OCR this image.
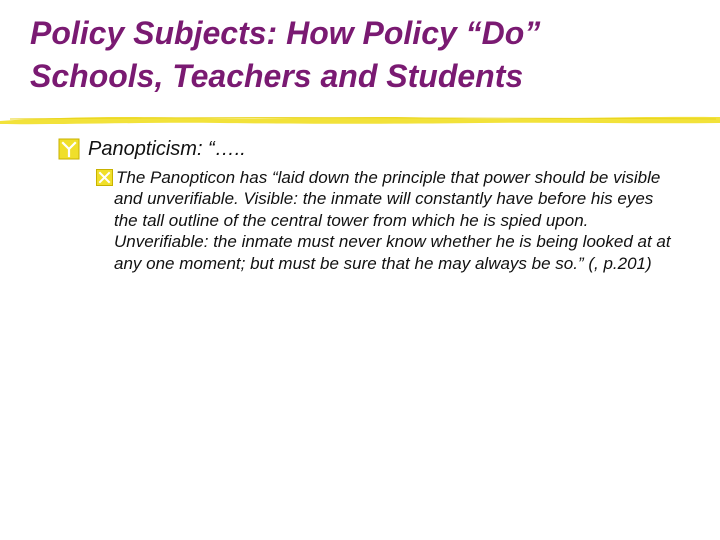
Policy Subjects: How Policy “Do”
Schools, Teachers and Students
Panopticism: “…..
The Panopticon has “laid down the principle that power should be visible and unverifiable. Visible: the inmate will constantly have before his eyes the tall outline of the central tower from which he is spied upon. Unverifiable: the inmate must never know whether he is being looked at at any one moment; but must be sure that he may always be so.” (, p.201)
